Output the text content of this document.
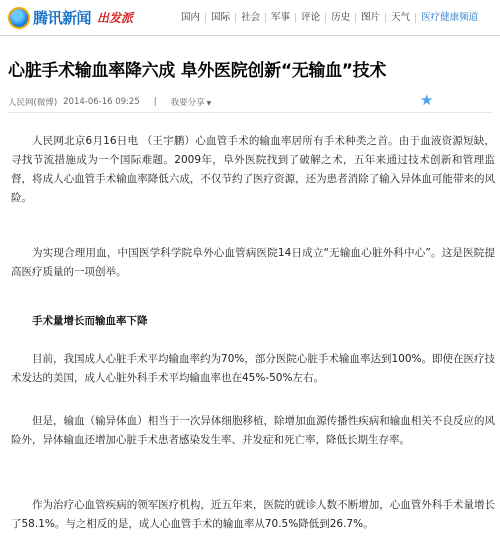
腾讯新闻 出发派	国内	国际	社会	军事	评论	历史	图片	天气	医疗健康频道
心脏手术输血率降六成 阜外医院创新“无输血”技术
人民网(微博) 2014-06-16 09:25 | 我要分享 ▼	★

人民网北京6月16日电 （王宇鹏）心血管手术的输血率居所有手术种类之首。由于血液资源短缺，寻找节流措施成为一个国际难题。2009年，阜外医院找到了破解之术，五年来通过技术创新和管理监督，将成人心血管手术输血率降低六成，不仅节约了医疗资源，还为患者消除了输入异体血可能带来的风险。

为实现合理用血，中国医学科学院阜外心血管病医院14日成立“无输血心脏外科中心”。这是医院提高医疗质量的一项创举。

手术量增长而输血率下降

目前，我国成人心脏手术平均输血率约为70%，部分医院心脏手术输血率达到100%。即使在医疗技术发达的美国，成人心脏外科手术平均输血率也在45%-50%左右。

但是，输血（输异体血）相当于一次异体细胞移植，除增加血源传播性疾病和输血相关不良反应的风险外，异体输血还增加心脏手术患者感染发生率、并发症和死亡率，降低长期生存率。

作为治疗心血管疾病的领军医疗机构，近五年来，医院的就诊人数不断增加，心血管外科手术量增长了58.1%。与之相反的是，成人心血管手术的输血率从70.5%降低到26.7%。
